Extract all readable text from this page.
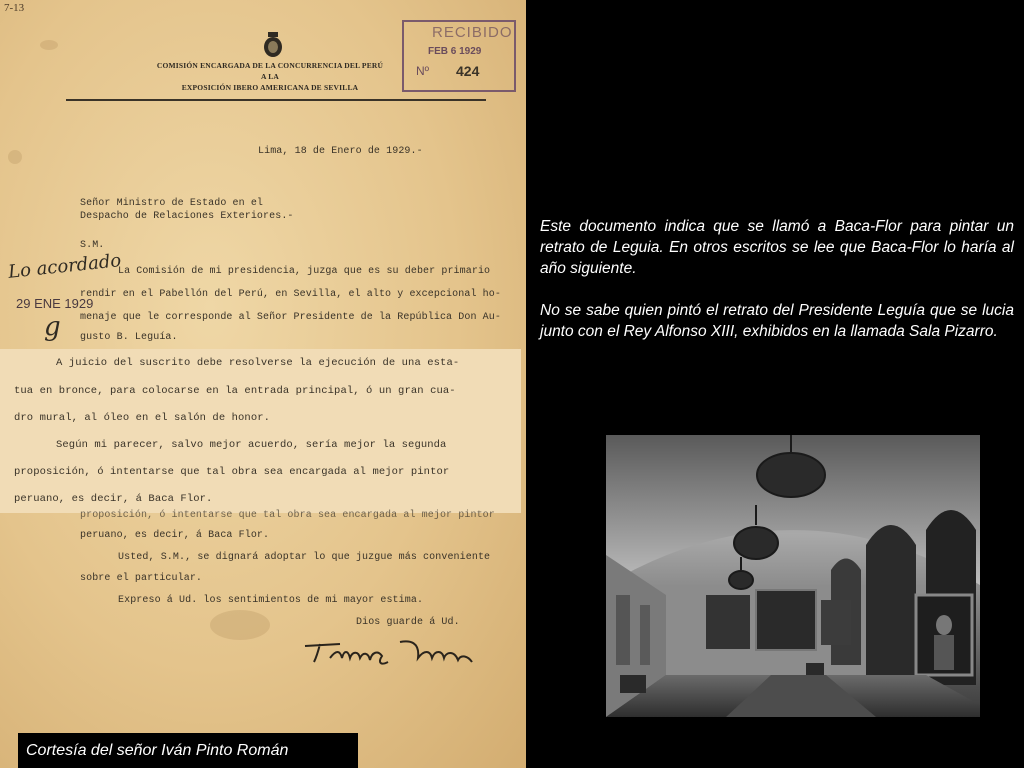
7-13
COMISIÓN ENCARGADA DE LA CONCURRENCIA DEL PERÚ
A LA
EXPOSICIÓN IBERO AMERICANA DE SEVILLA
RECIBIDO
FEB 6 1929
Nº 424
Lima, 18 de Enero de 1929.-
Señor Ministro de Estado en el
Despacho de Relaciones Exteriores.-
S.M.
La Comisión de mi presidencia, juzga que es su deber primario
rendir en el Pabellón del Perú, en Sevilla, el alto y excepcional ho-
menaje que le corresponde al Señor Presidente de la República Don Au-
gusto B. Leguía.
Lo acordado
29 ENE 1929
g
A juicio del suscrito debe resolverse la ejecución de una esta-
tua en bronce, para colocarse en la entrada principal, ó un gran cua-
dro mural, al óleo en el salón de honor.
Según mi parecer, salvo mejor acuerdo, sería mejor la segunda
proposición, ó intentarse que tal obra sea encargada al mejor pintor
peruano, es decir, á Baca Flor.
proposición, ó intentarse que tal obra sea encargada al mejor pintor
peruano, es decir, á Baca Flor.
Usted, S.M., se dignará adoptar lo que juzgue más conveniente
sobre el particular.
Expreso á Ud. los sentimientos de mi mayor estima.
Dios guarde á Ud.
Cortesía del señor Iván Pinto Román

Este documento indica que se llamó a Baca-Flor para pintar un retrato de Leguia. En otros escritos se lee que Baca-Flor lo haría al año siguiente.

No se sabe quien pintó el retrato del Presidente Leguía que se lucia junto con el Rey Alfonso XIII, exhibidos en la llamada Sala Pizarro.
